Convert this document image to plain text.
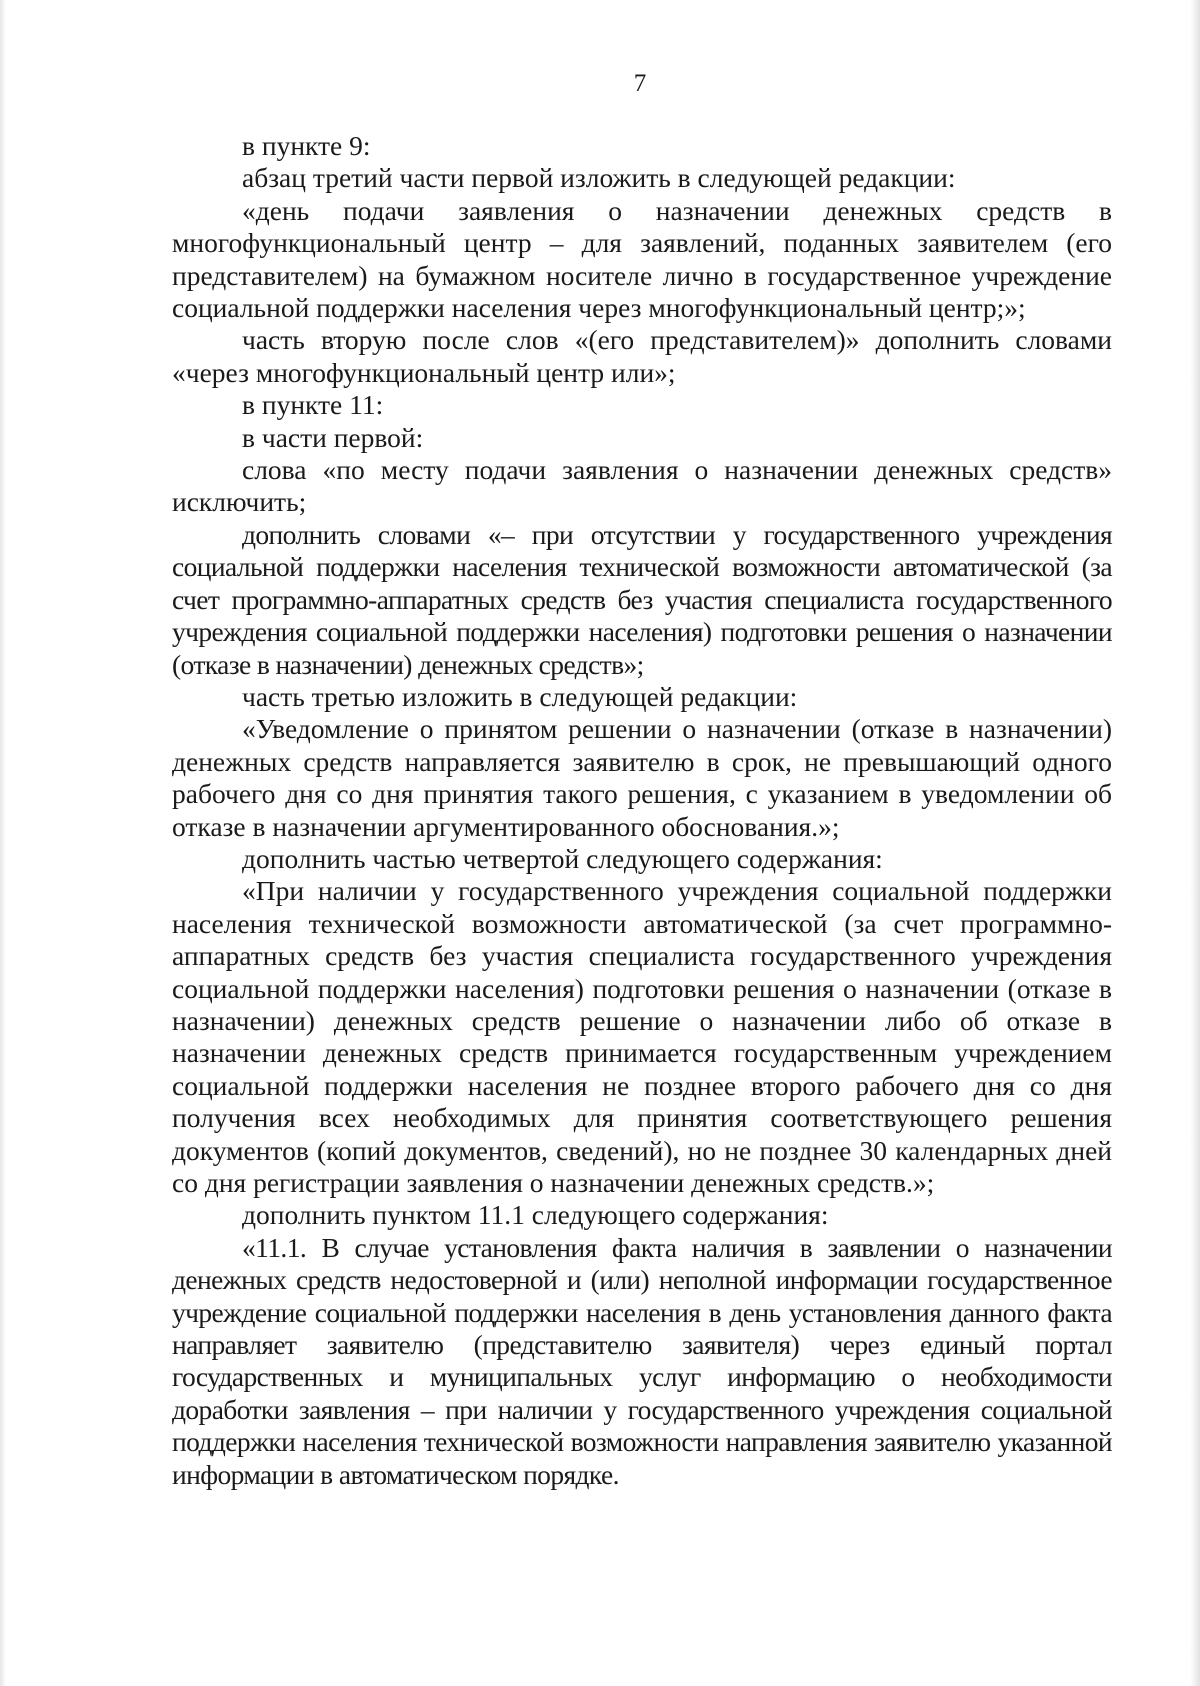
7

в пункте 9:

абзац третий части первой изложить в следующей редакции:

«день подачи заявления о назначении денежных средств в многофункциональный центр – для заявлений, поданных заявителем (его представителем) на бумажном носителе лично в государственное учреждение социальной поддержки населения через многофункциональный центр;»;

часть вторую после слов «(его представителем)» дополнить словами «через многофункциональный центр или»;

в пункте 11:

в части первой:

слова «по месту подачи заявления о назначении денежных средств» исключить;

дополнить словами «– при отсутствии у государственного учреждения социальной поддержки населения технической возможности автоматической (за счет программно-аппаратных средств без участия специалиста государственного учреждения социальной поддержки населения) подготовки решения о назначении (отказе в назначении) денежных средств»;

часть третью изложить в следующей редакции:

«Уведомление о принятом решении о назначении (отказе в назначении) денежных средств направляется заявителю в срок, не превышающий одного рабочего дня со дня принятия такого решения, с указанием в уведомлении об отказе в назначении аргументированного обоснования.»;

дополнить частью четвертой следующего содержания:

«При наличии у государственного учреждения социальной поддержки населения технической возможности автоматической (за счет программно-аппаратных средств без участия специалиста государственного учреждения социальной поддержки населения) подготовки решения о назначении (отказе в назначении) денежных средств решение о назначении либо об отказе в назначении денежных средств принимается государственным учреждением социальной поддержки населения не позднее второго рабочего дня со дня получения всех необходимых для принятия соответствующего решения документов (копий документов, сведений), но не позднее 30 календарных дней со дня регистрации заявления о назначении денежных средств.»;

дополнить пунктом 11.1 следующего содержания:

«11.1. В случае установления факта наличия в заявлении о назначении денежных средств недостоверной и (или) неполной информации государственное учреждение социальной поддержки населения в день установления данного факта направляет заявителю (представителю заявителя) через единый портал государственных и муниципальных услуг информацию о необходимости доработки заявления – при наличии у государственного учреждения социальной поддержки населения технической возможности направления заявителю указанной информации в автоматическом порядке.
